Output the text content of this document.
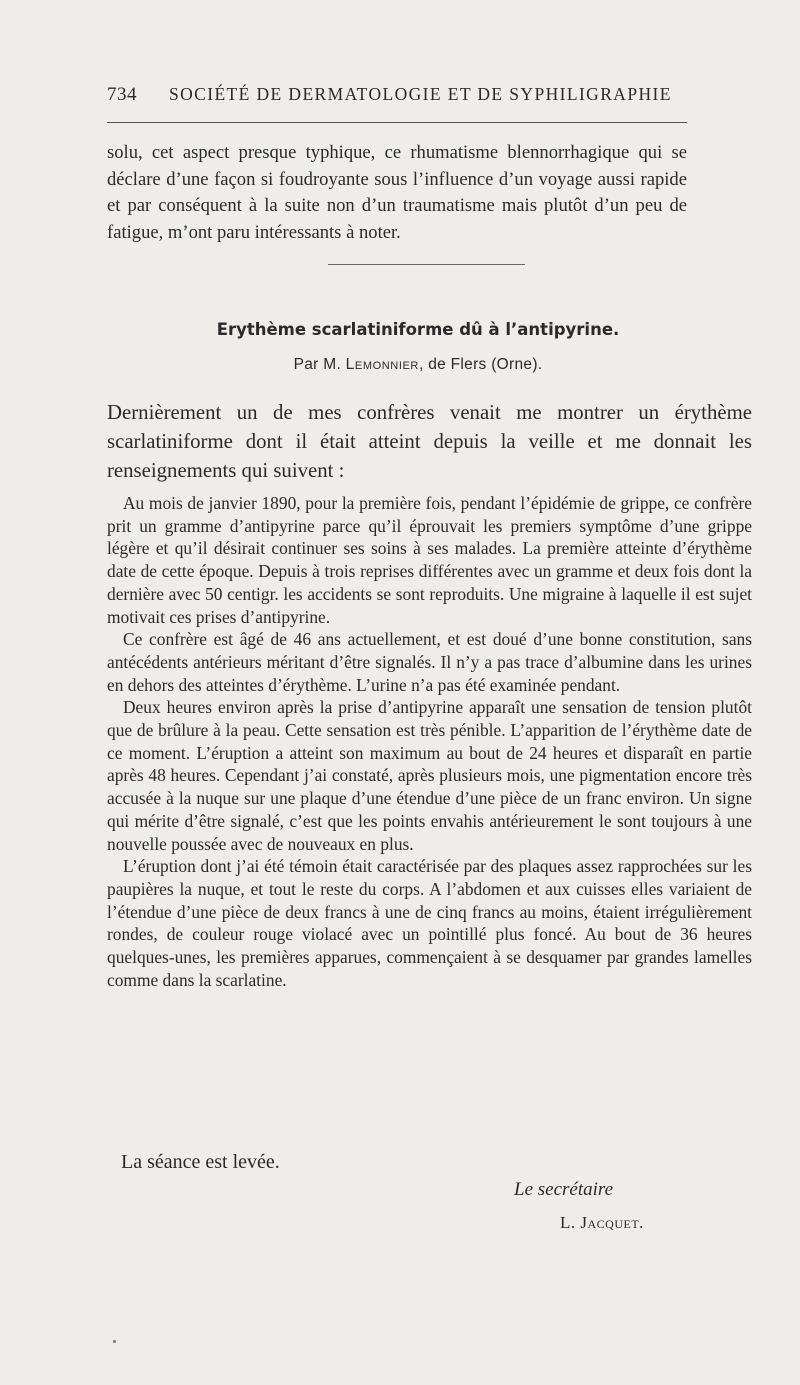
734 SOCIÉTÉ DE DERMATOLOGIE ET DE SYPHILIGRAPHIE
solu, cet aspect presque typhique, ce rhumatisme blennorrhagique qui se déclare d’une façon si foudroyante sous l’influence d’un voyage aussi rapide et par conséquent à la suite non d’un traumatisme mais plutôt d’un peu de fatigue, m’ont paru intéressants à noter.
Erythème scarlatiniforme dû à l’antipyrine.
Par M. Lemonnier, de Flers (Orne).
Dernièrement un de mes confrères venait me montrer un érythème scarlatiniforme dont il était atteint depuis la veille et me donnait les renseignements qui suivent :

Au mois de janvier 1890, pour la première fois, pendant l’épidémie de grippe, ce confrère prit un gramme d’antipyrine parce qu’il éprouvait les premiers symptôme d’une grippe légère et qu’il désirait continuer ses soins à ses malades. La première atteinte d’érythème date de cette époque. Depuis à trois reprises différentes avec un gramme et deux fois dont la dernière avec 50 centigr. les accidents se sont reproduits. Une migraine à laquelle il est sujet motivait ces prises d’antipyrine.

Ce confrère est âgé de 46 ans actuellement, et est doué d’une bonne constitution, sans antécédents antérieurs méritant d’être signalés. Il n’y a pas trace d’albumine dans les urines en dehors des atteintes d’érythème. L’urine n’a pas été examinée pendant.

Deux heures environ après la prise d’antipyrine apparaît une sensation de tension plutôt que de brûlure à la peau. Cette sensation est très pénible. L’apparition de l’érythème date de ce moment. L’éruption a atteint son maximum au bout de 24 heures et disparaît en partie après 48 heures. Cependant j’ai constaté, après plusieurs mois, une pigmentation encore très accusée à la nuque sur une plaque d’une étendue d’une pièce de un franc environ. Un signe qui mérite d’être signalé, c’est que les points envahis antérieurement le sont toujours à une nouvelle poussée avec de nouveaux en plus.

L’éruption dont j’ai été témoin était caractérisée par des plaques assez rapprochées sur les paupières la nuque, et tout le reste du corps. A l’abdomen et aux cuisses elles variaient de l’étendue d’une pièce de deux francs à une de cinq francs au moins, étaient irrégulièrement rondes, de couleur rouge violacé avec un pointillé plus foncé. Au bout de 36 heures quelques-unes, les premières apparues, commençaient à se desquamer par grandes lamelles comme dans la scarlatine.

La séance est levée.
Le secrétaire
L. Jacquet.
